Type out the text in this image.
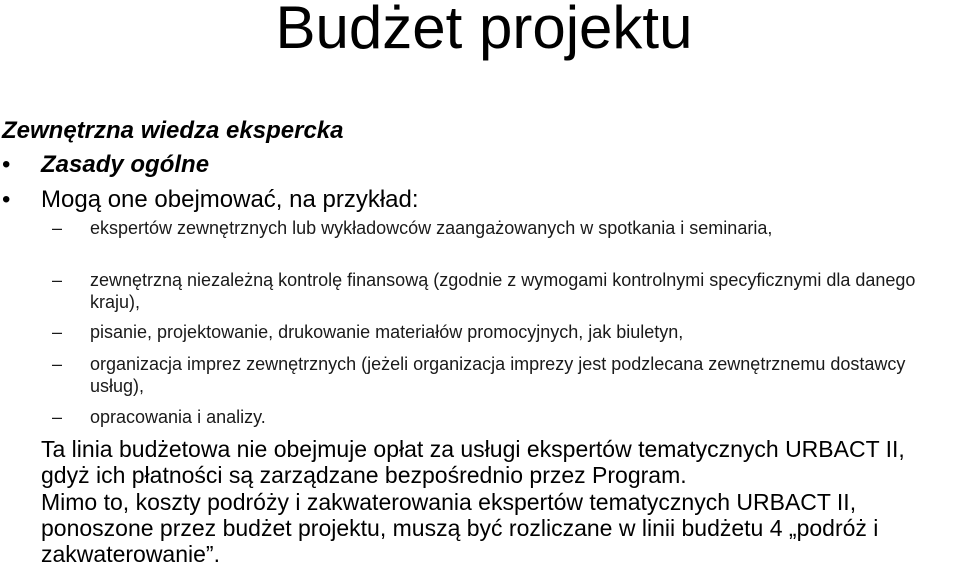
Budżet projektu
Zewnętrzna wiedza ekspercka
•	Zasady ogólne
•	Mogą one obejmować, na przykład:
– ekspertów zewnętrznych lub wykładowców zaangażowanych w spotkania i seminaria,
– zewnętrzną niezależną kontrolę finansową (zgodnie z wymogami kontrolnymi specyficznymi dla danego kraju),
– pisanie, projektowanie, drukowanie materiałów promocyjnych, jak biuletyn,
– organizacja imprez zewnętrznych (jeżeli organizacja imprezy jest podzlecana zewnętrznemu dostawcy usług),
– opracowania i analizy.
Ta linia budżetowa nie obejmuje opłat za usługi ekspertów tematycznych URBACT II, gdyż ich płatności są zarządzane bezpośrednio przez Program.
Mimo to, koszty podróży i zakwaterowania ekspertów tematycznych URBACT II, ponoszone przez budżet projektu, muszą być rozliczane w linii budżetu 4 „podróż i zakwaterowanie”.
